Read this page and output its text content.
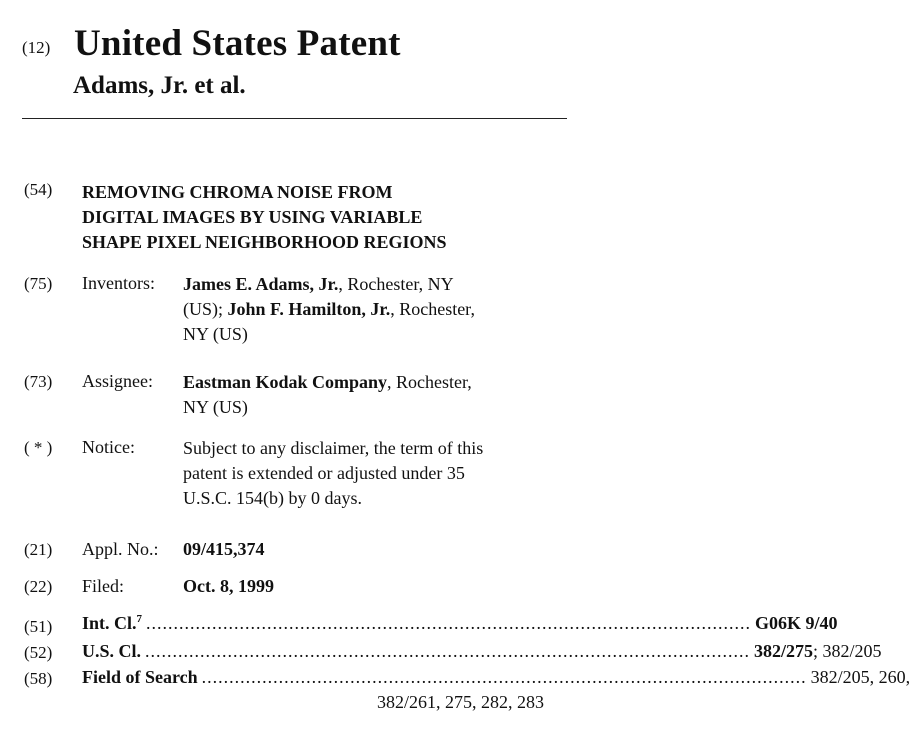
(12) United States Patent
Adams, Jr. et al.
(54) REMOVING CHROMA NOISE FROM
DIGITAL IMAGES BY USING VARIABLE
SHAPE PIXEL NEIGHBORHOOD REGIONS
(75) Inventors: James E. Adams, Jr., Rochester, NY
(US); John F. Hamilton, Jr., Rochester,
NY (US)
(73) Assignee: Eastman Kodak Company, Rochester,
NY (US)
( * ) Notice:	Subject to any disclaimer, the term of this
patent is extended or adjusted under 35
U.S.C. 154(b) by 0 days.
(21) Appl. No.: 09/415,374
(22) Filed:	Oct. 8, 1999
(51) Int. Cl.$^7$ .............................................................................................................. G06K 9/40
(52) U.S. Cl. .............................................................................................................. 382/275; 382/205
(58) Field of Search .............................................................................................................. 382/205, 260,
382/261, 275, 282, 283
